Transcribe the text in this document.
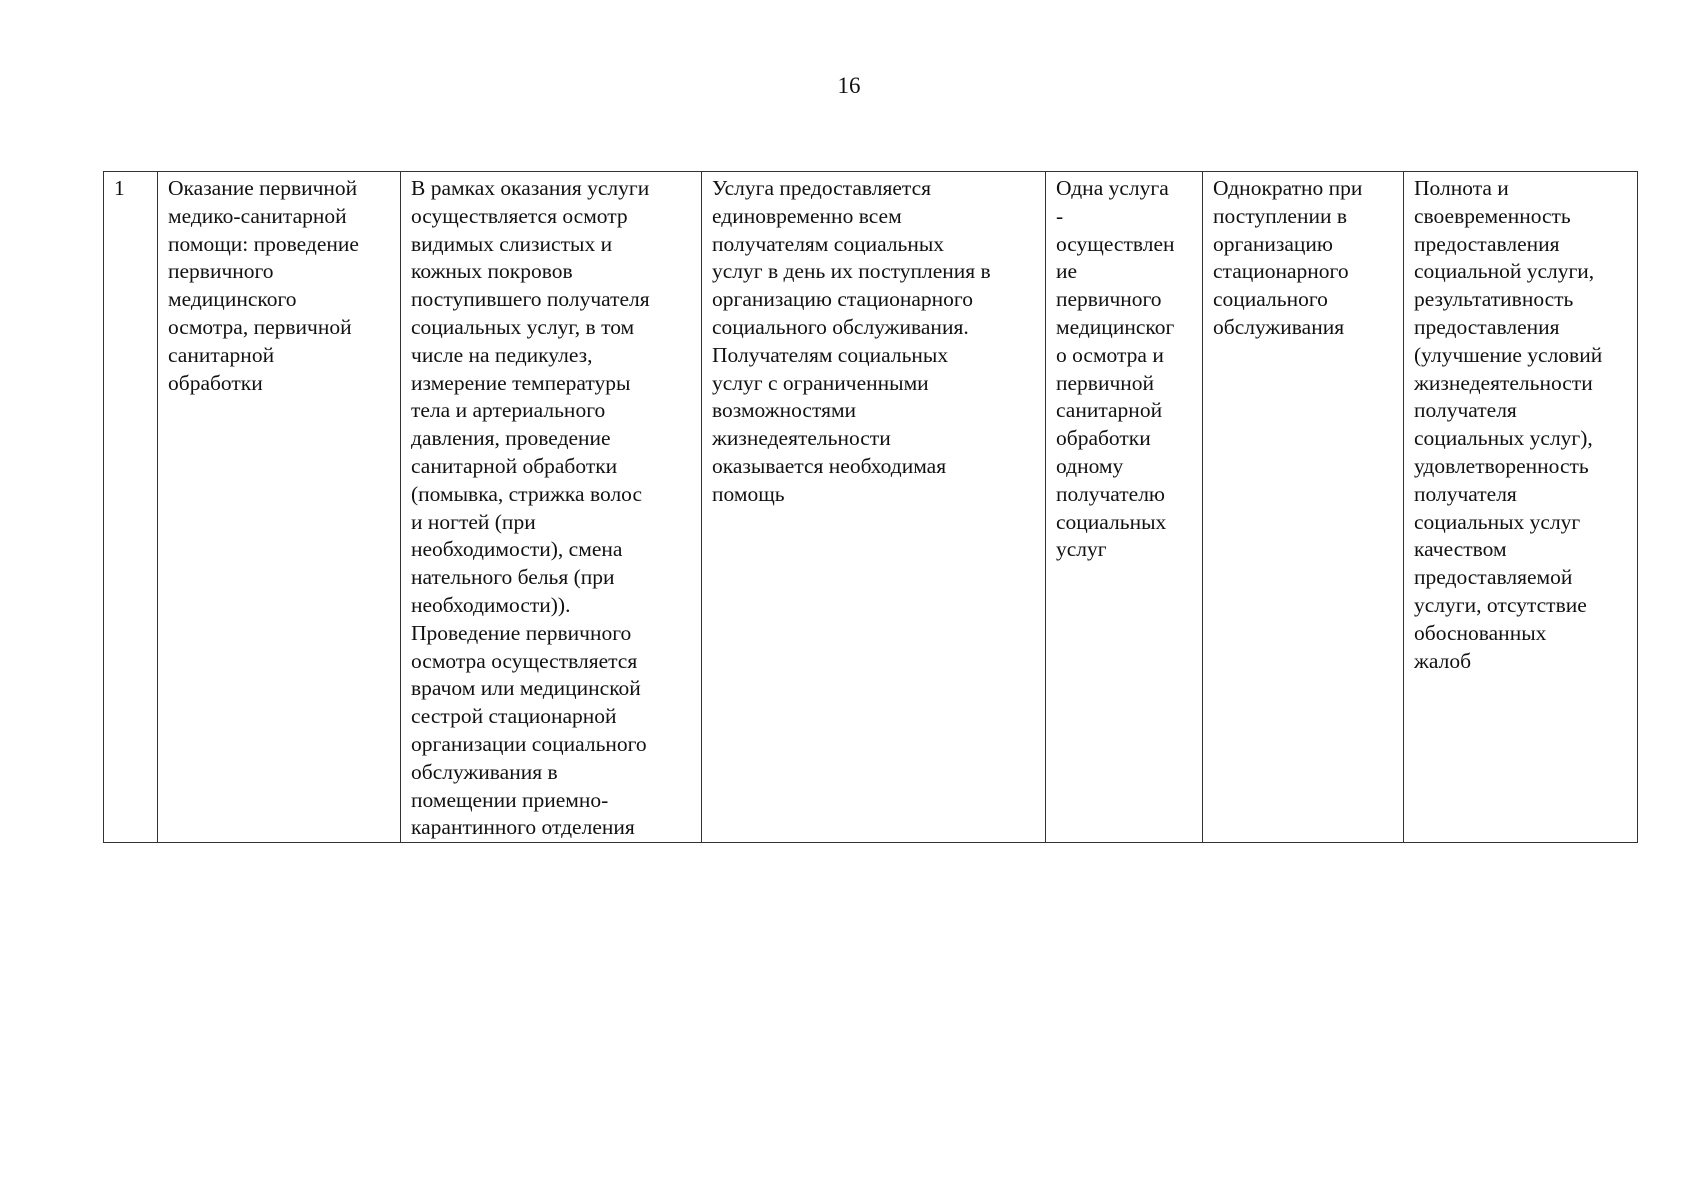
16
1	Оказание первичной
медико-санитарной
помощи: проведение
первичного
медицинского
осмотра, первичной
санитарной
обработки	В рамках оказания услуги
осуществляется осмотр
видимых слизистых и
кожных покровов
поступившего получателя
социальных услуг, в том
числе на педикулез,
измерение температуры
тела и артериального
давления, проведение
санитарной обработки
(помывка, стрижка волос
и ногтей (при
необходимости), смена
нательного белья (при
необходимости)).
Проведение первичного
осмотра осуществляется
врачом или медицинской
сестрой стационарной
организации социального
обслуживания в
помещении приемно-
карантинного отделения	Услуга предоставляется
единовременно всем
получателям социальных
услуг в день их поступления в
организацию стационарного
социального обслуживания.
Получателям социальных
услуг с ограниченными
возможностями
жизнедеятельности
оказывается необходимая
помощь	Одна услуга
-
осуществлен
ие
первичного
медицинског
о осмотра и
первичной
санитарной
обработки
одному
получателю
социальных
услуг	Однократно при
поступлении в
организацию
стационарного
социального
обслуживания	Полнота и
своевременность
предоставления
социальной услуги,
результативность
предоставления
(улучшение условий
жизнедеятельности
получателя
социальных услуг),
удовлетворенность
получателя
социальных услуг
качеством
предоставляемой
услуги, отсутствие
обоснованных
жалоб
